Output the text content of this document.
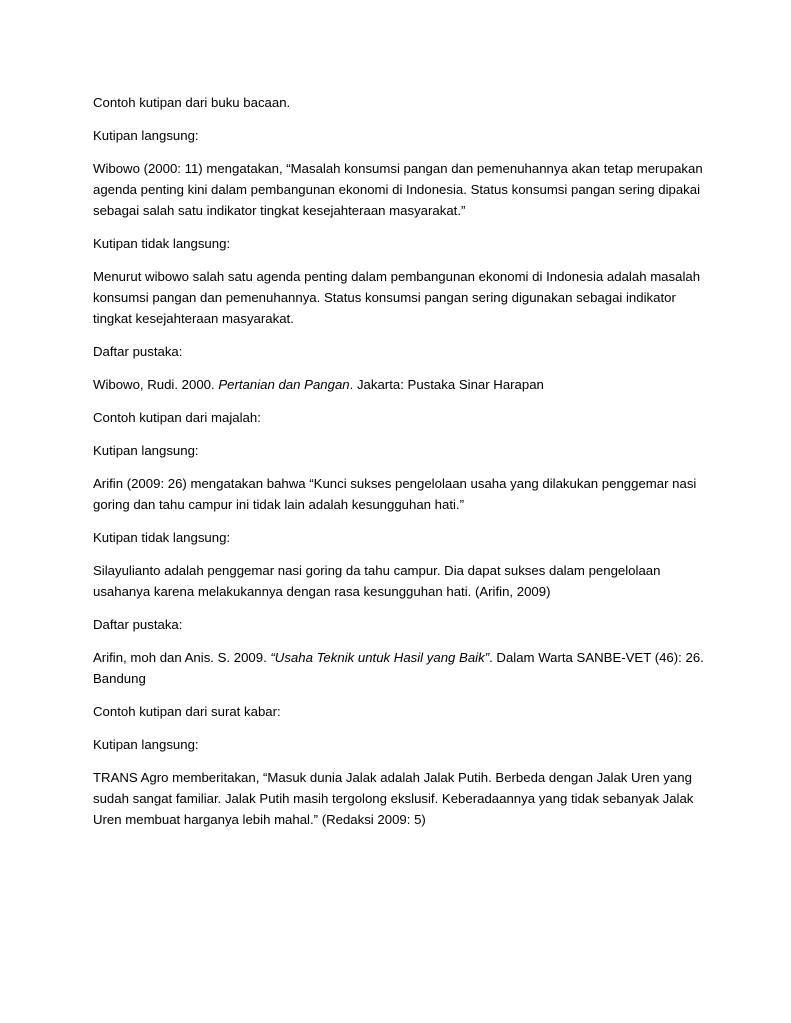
Contoh kutipan dari buku bacaan.

Kutipan langsung:

Wibowo (2000: 11) mengatakan, “Masalah konsumsi pangan dan pemenuhannya akan tetap merupakan agenda penting kini dalam pembangunan ekonomi di Indonesia. Status konsumsi pangan sering dipakai sebagai salah satu indikator tingkat kesejahteraan masyarakat.”

Kutipan tidak langsung:

Menurut wibowo salah satu agenda penting dalam pembangunan ekonomi di Indonesia adalah masalah konsumsi pangan dan pemenuhannya. Status konsumsi pangan sering digunakan sebagai indikator tingkat kesejahteraan masyarakat.

Daftar pustaka:

Wibowo, Rudi. 2000. Pertanian dan Pangan. Jakarta: Pustaka Sinar Harapan

Contoh kutipan dari majalah:

Kutipan langsung:

Arifin (2009: 26) mengatakan bahwa “Kunci sukses pengelolaan usaha yang dilakukan penggemar nasi goring dan tahu campur ini tidak lain adalah kesungguhan hati.”

Kutipan tidak langsung:

Silayulianto adalah penggemar nasi goring da tahu campur. Dia dapat sukses dalam pengelolaan usahanya karena melakukannya dengan rasa kesungguhan hati. (Arifin, 2009)

Daftar pustaka:

Arifin, moh dan Anis. S. 2009. “Usaha Teknik untuk Hasil yang Baik”. Dalam Warta SANBE-VET (46): 26. Bandung

Contoh kutipan dari surat kabar:

Kutipan langsung:

TRANS Agro memberitakan, “Masuk dunia Jalak adalah Jalak Putih. Berbeda dengan Jalak Uren yang sudah sangat familiar. Jalak Putih masih tergolong ekslusif. Keberadaannya yang tidak sebanyak Jalak Uren membuat harganya lebih mahal.” (Redaksi 2009: 5)
